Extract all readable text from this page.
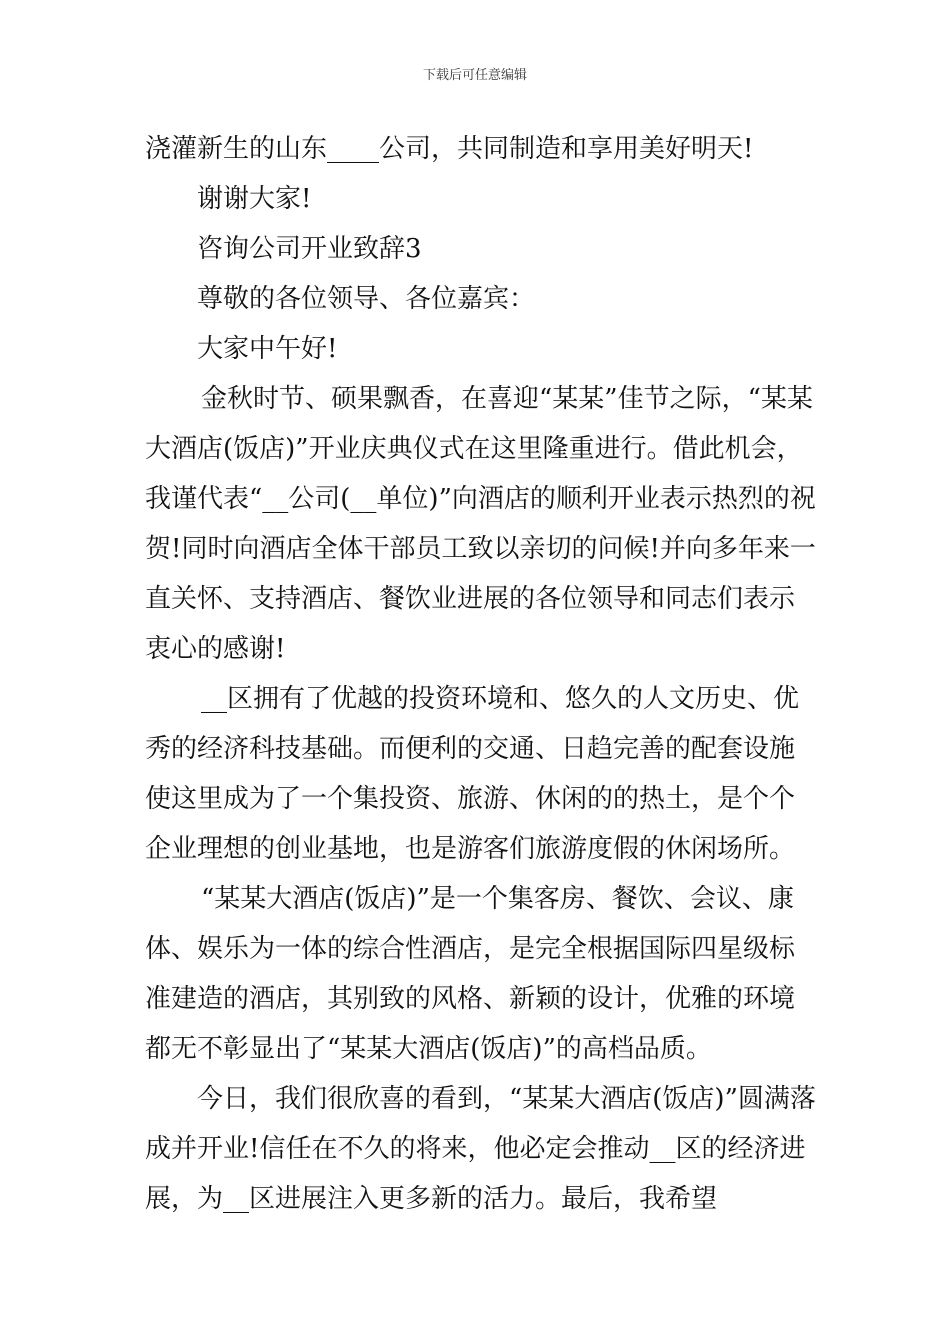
下载后可任意编辑

浇灌新生的山东____公司，共同制造和享用美好明天!

谢谢大家!

咨询公司开业致辞3

尊敬的各位领导、各位嘉宾：

大家中午好!

金秋时节、硕果飘香，在喜迎“某某”佳节之际，“某某大酒店(饭店)”开业庆典仪式在这里隆重进行。借此机会，我谨代表“__公司(__单位)”向酒店的顺利开业表示热烈的祝贺!同时向酒店全体干部员工致以亲切的问候!并向多年来一直关怀、支持酒店、餐饮业进展的各位领导和同志们表示衷心的感谢!

__区拥有了优越的投资环境和、悠久的人文历史、优秀的经济科技基础。而便利的交通、日趋完善的配套设施使这里成为了一个集投资、旅游、休闲的的热土，是个个企业理想的创业基地，也是游客们旅游度假的休闲场所。

“某某大酒店(饭店)”是一个集客房、餐饮、会议、康体、娱乐为一体的综合性酒店，是完全根据国际四星级标准建造的酒店，其别致的风格、新颖的设计，优雅的环境都无不彰显出了“某某大酒店(饭店)”的高档品质。

今日，我们很欣喜的看到，“某某大酒店(饭店)”圆满落成并开业!信任在不久的将来，他必定会推动__区的经济进展，为__区进展注入更多新的活力。最后，我希望
